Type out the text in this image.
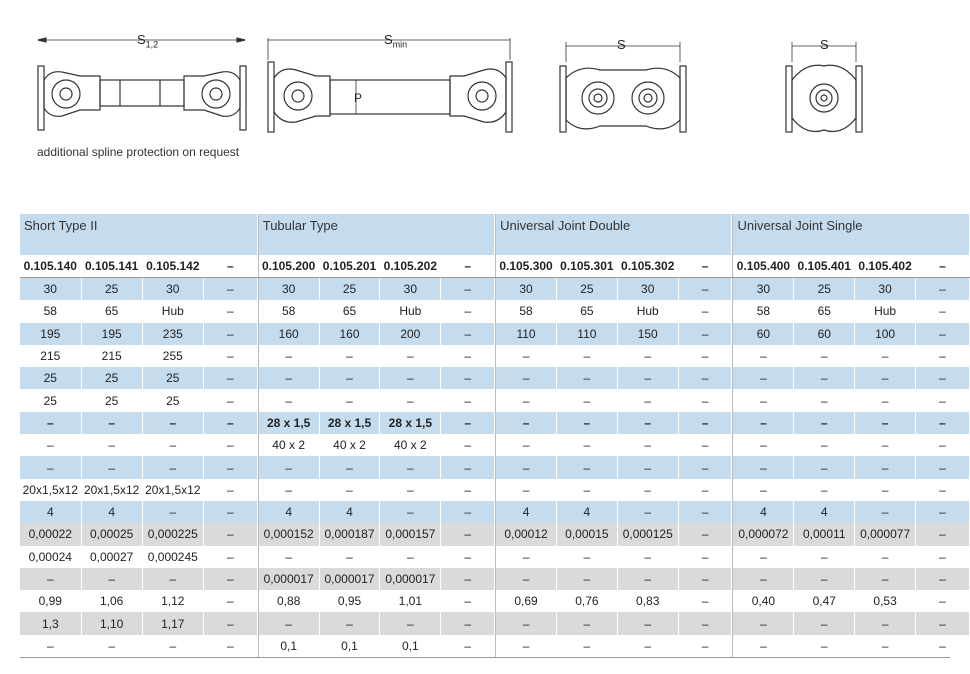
$S_{1,2}$	$S_{min}$
P
S	S
additional spline protection on request
Short Type II				Tubular Type				Universal Joint Double				Universal Joint Single			
0.105.140	0.105.141	0.105.142	–		0.105.200	0.105.201	0.105.202	–		0.105.300	0.105.301	0.105.302	–		0.105.400	0.105.401	0.105.402	–
30	25	30	–		30	25	30	–		30	25	30	–		30	25	30	–
58	65	Hub	–		58	65	Hub	–		58	65	Hub	–		58	65	Hub	–
195	195	235	–		160	160	200	–		110	110	150	–		60	60	100	–
215	215	255	–		–	–	–	–		–	–	–	–		–	–	–	–
25	25	25	–		–	–	–	–		–	–	–	–		–	–	–	–
25	25	25	–		–	–	–	–		–	–	–	–		–	–	–	–
–	–	–	–		28 x 1,5	28 x 1,5	28 x 1,5	–		–	–	–	–		–	–	–	–
–	–	–	–		40 x 2	40 x 2	40 x 2	–		–	–	–	–		–	–	–	–
–	–	–	–		–	–	–	–		–	–	–	–		–	–	–	–
20x1,5x12	20x1,5x12	20x1,5x12	–		–	–	–	–		–	–	–	–		–	–	–	–
4	4	–	–		4	4	–	–		4	4	–	–		4	4	–	–
0,00022	0,00025	0,000225	–		0,000152	0,000187	0,000157	–		0,00012	0,00015	0,000125	–		0,000072	0,00011	0,000077	–
0,00024	0,00027	0,000245	–		–	–	–	–		–	–	–	–		–	–	–	–
–	–	–	–		0,000017	0,000017	0,000017	–		–	–	–	–		–	–	–	–
0,99	1,06	1,12	–		0,88	0,95	1,01	–		0,69	0,76	0,83	–		0,40	0,47	0,53	–
1,3	1,10	1,17	–		–	–	–	–		–	–	–	–		–	–	–	–
–	–	–	–		0,1	0,1	0,1	–		–	–	–	–		–	–	–	–
